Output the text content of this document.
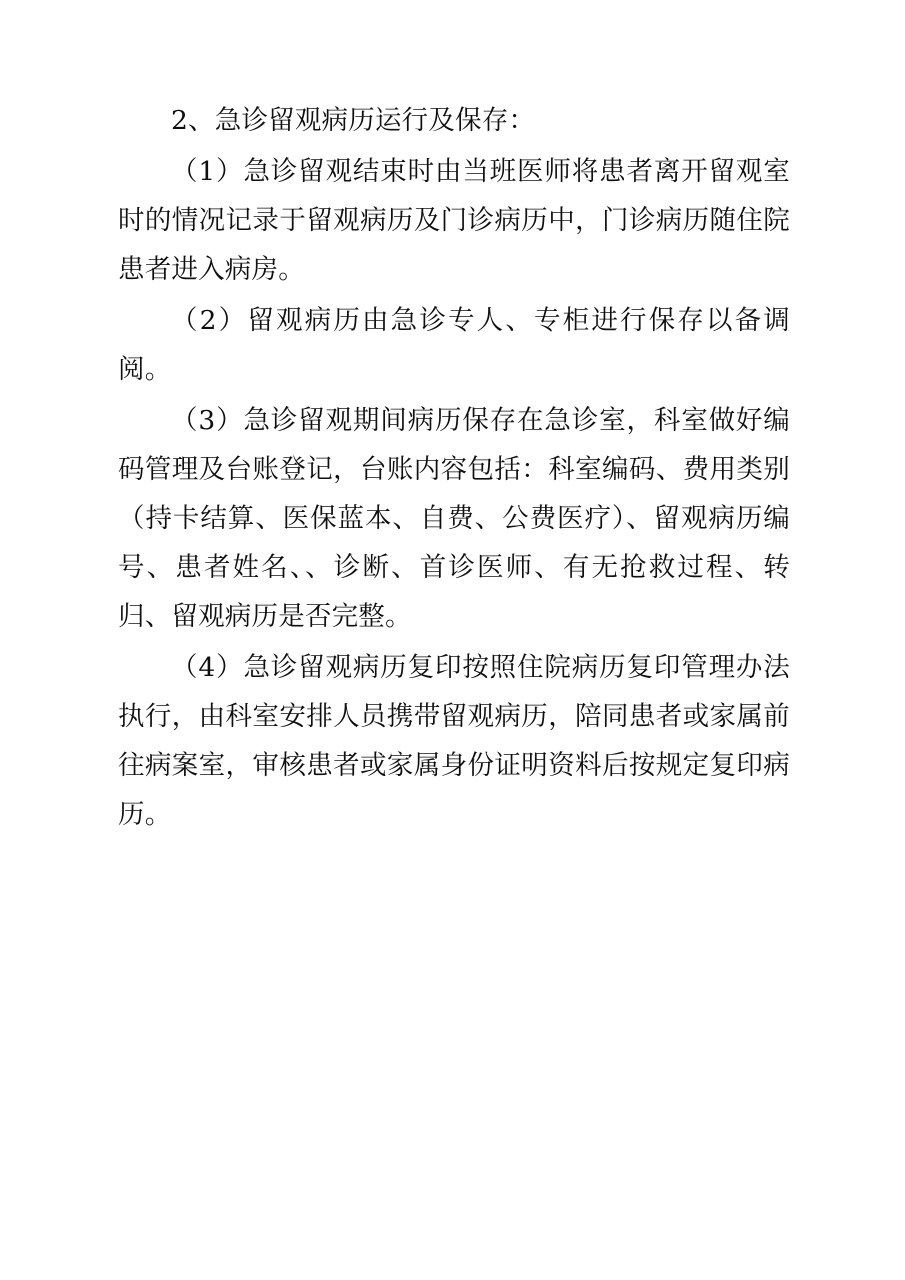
2、急诊留观病历运行及保存：

（1）急诊留观结束时由当班医师将患者离开留观室时的情况记录于留观病历及门诊病历中，门诊病历随住院患者进入病房。

（2）留观病历由急诊专人、专柜进行保存以备调阅。

（3）急诊留观期间病历保存在急诊室，科室做好编码管理及台账登记，台账内容包括：科室编码、费用类别（持卡结算、医保蓝本、自费、公费医疗）、留观病历编号、患者姓名、、诊断、首诊医师、有无抢救过程、转归、留观病历是否完整。

（4）急诊留观病历复印按照住院病历复印管理办法执行，由科室安排人员携带留观病历，陪同患者或家属前往病案室，审核患者或家属身份证明资料后按规定复印病历。
